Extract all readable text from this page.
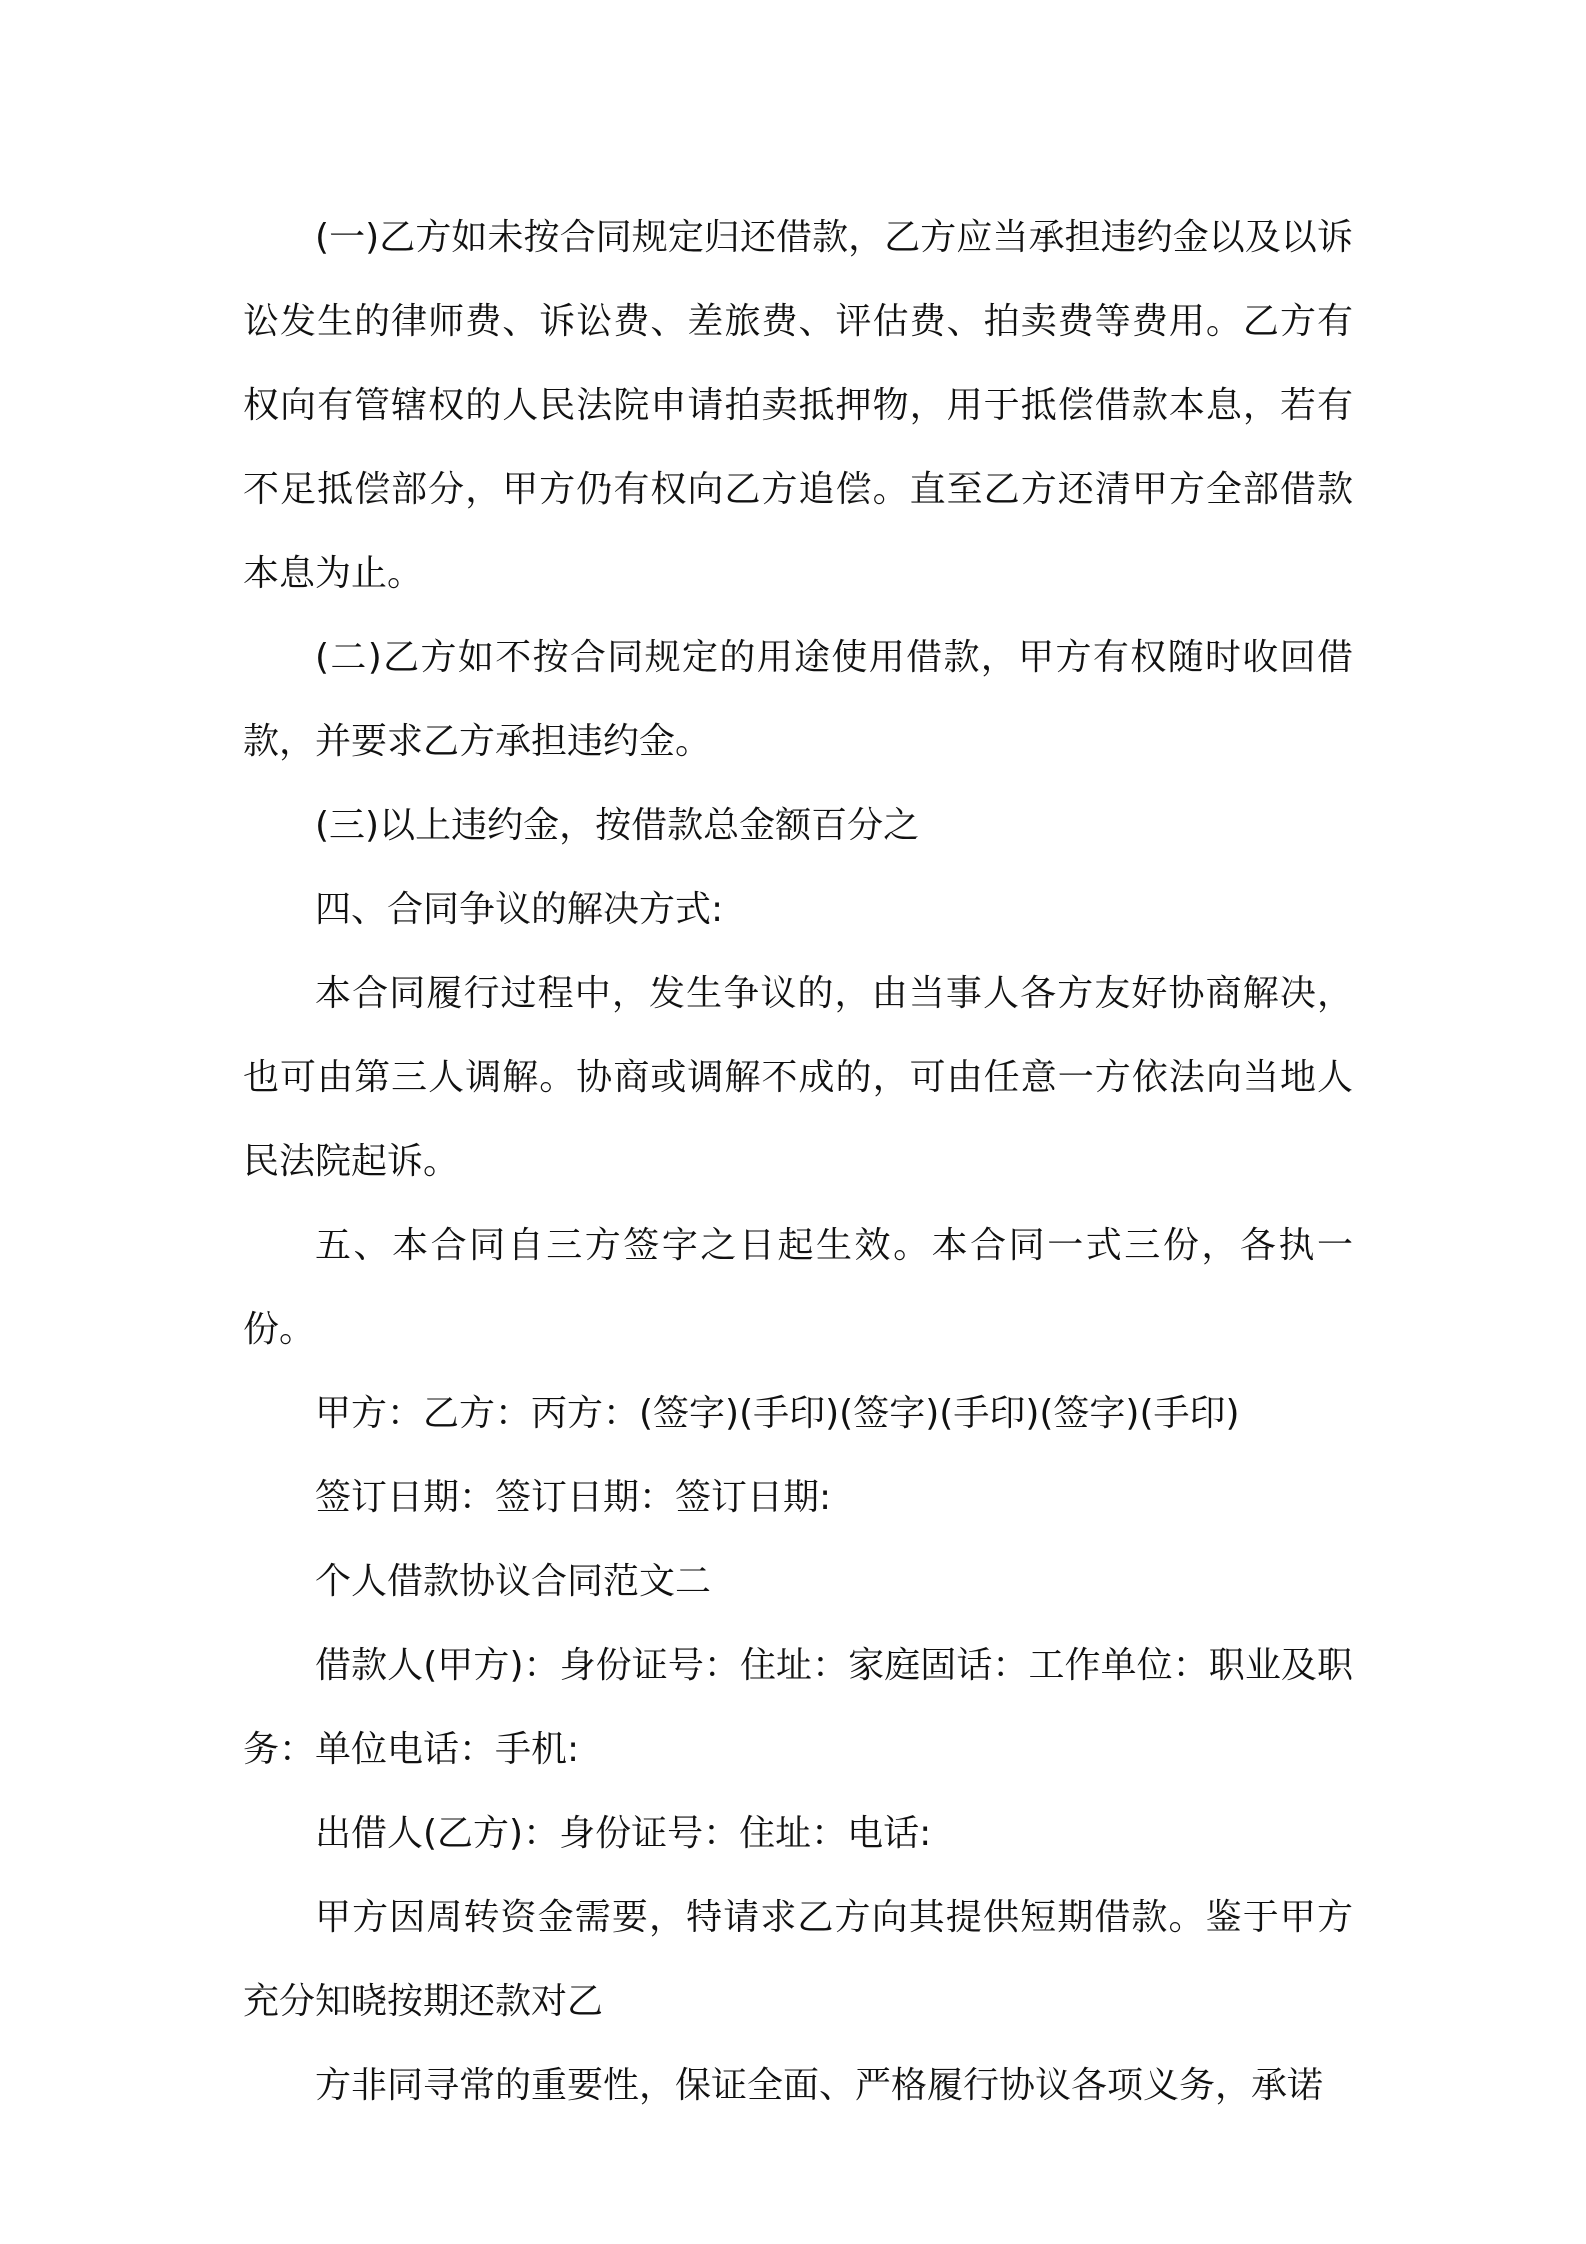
(一)乙方如未按合同规定归还借款，乙方应当承担违约金以及以诉讼发生的律师费、诉讼费、差旅费、评估费、拍卖费等费用。乙方有权向有管辖权的人民法院申请拍卖抵押物，用于抵偿借款本息，若有不足抵偿部分，甲方仍有权向乙方追偿。直至乙方还清甲方全部借款本息为止。

(二)乙方如不按合同规定的用途使用借款，甲方有权随时收回借款，并要求乙方承担违约金。

(三)以上违约金，按借款总金额百分之

四、合同争议的解决方式:

本合同履行过程中，发生争议的，由当事人各方友好协商解决，也可由第三人调解。协商或调解不成的，可由任意一方依法向当地人民法院起诉。

五、本合同自三方签字之日起生效。本合同一式三份，各执一份。

甲方：乙方：丙方：(签字)(手印)(签字)(手印)(签字)(手印)

签订日期：签订日期：签订日期:

个人借款协议合同范文二

借款人(甲方)：身份证号：住址：家庭固话：工作单位：职业及职务：单位电话：手机:

出借人(乙方)：身份证号：住址：电话:

甲方因周转资金需要，特请求乙方向其提供短期借款。鉴于甲方充分知晓按期还款对乙

方非同寻常的重要性，保证全面、严格履行协议各项义务，承诺
